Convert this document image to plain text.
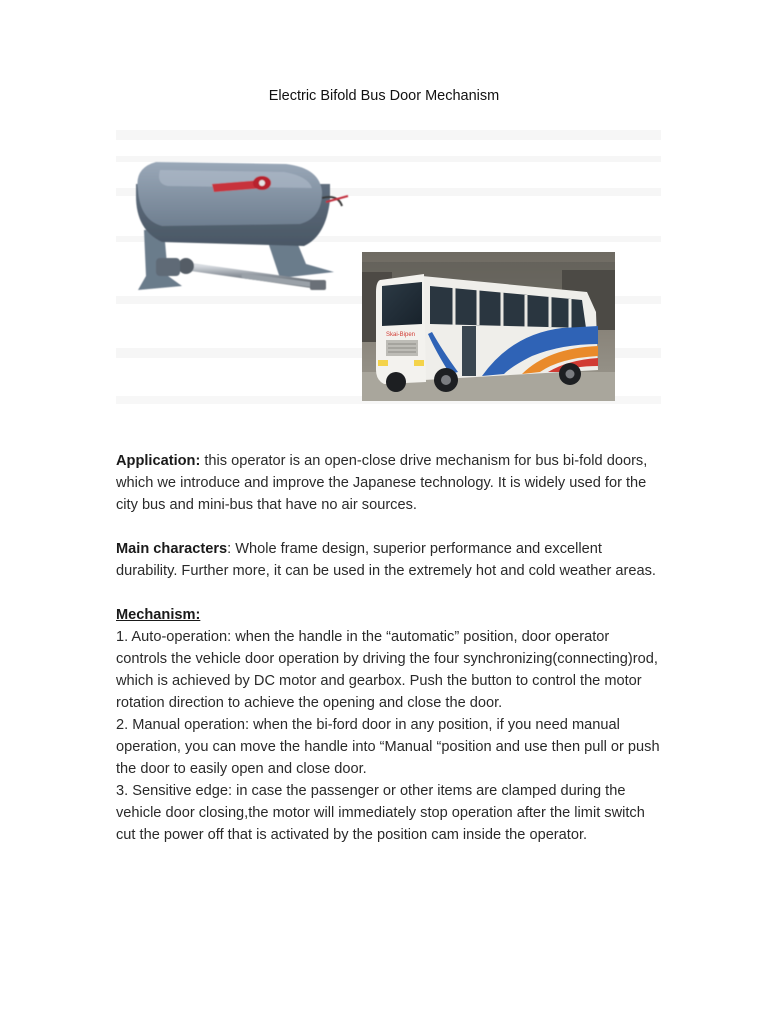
Electric Bifold Bus Door Mechanism
Skai-Bipen

Application: this operator is an open-close drive mechanism for bus bi-fold doors, which we introduce and improve the Japanese technology. It is widely used for the city bus and mini-bus that have no air sources.

Main characters: Whole frame design, superior performance and excellent durability. Further more, it can be used in the extremely hot and cold weather areas.

Mechanism:

1. Auto-operation: when the handle in the “automatic” position, door operator controls the vehicle door operation by driving the four synchronizing(connecting)rod, which is achieved by DC motor and gearbox. Push the button to control the motor rotation direction to achieve the opening and close the door.

2. Manual operation: when the bi-ford door in any position, if you need manual operation, you can move the handle into “Manual “position and use then pull or push the door to easily open and close door.

3. Sensitive edge: in case the passenger or other items are clamped during the vehicle door closing,the motor will immediately stop operation after the limit switch cut the power off that is activated by the position cam inside the operator.
